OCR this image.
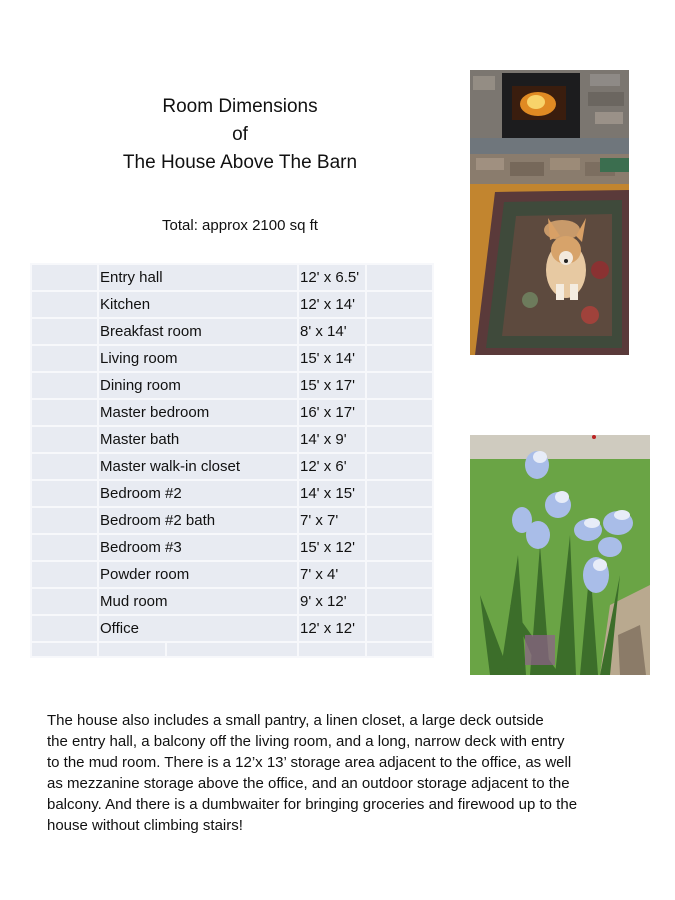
Room Dimensions
of
The House Above The Barn
Total: approx 2100 sq ft
	Entry hall		12' x 6.5'	
	Kitchen		12' x 14'	
	Breakfast room		8' x 14'	
	Living room		15' x 14'	
	Dining room		15' x 17'	
	Master bedroom		16' x 17'	
	Master bath		14' x 9'	
	Master walk-in closet		12' x 6'	
	Bedroom #2		14' x 15'	
	Bedroom #2 bath		7' x 7'	
	Bedroom #3		15' x 12'	
	Powder room		7' x 4'	
	Mud room		9' x 12'	
	Office		12' x 12'	

The house also includes a small pantry, a linen closet, a large deck outside
the entry hall, a balcony off the living room, and a long, narrow deck with entry
to the mud room. There is a 12’x 13’ storage area adjacent to the office, as well
as mezzanine storage above the office, and an outdoor storage adjacent to the
balcony. And there is a dumbwaiter for bringing groceries and firewood up to the
house without climbing stairs!
